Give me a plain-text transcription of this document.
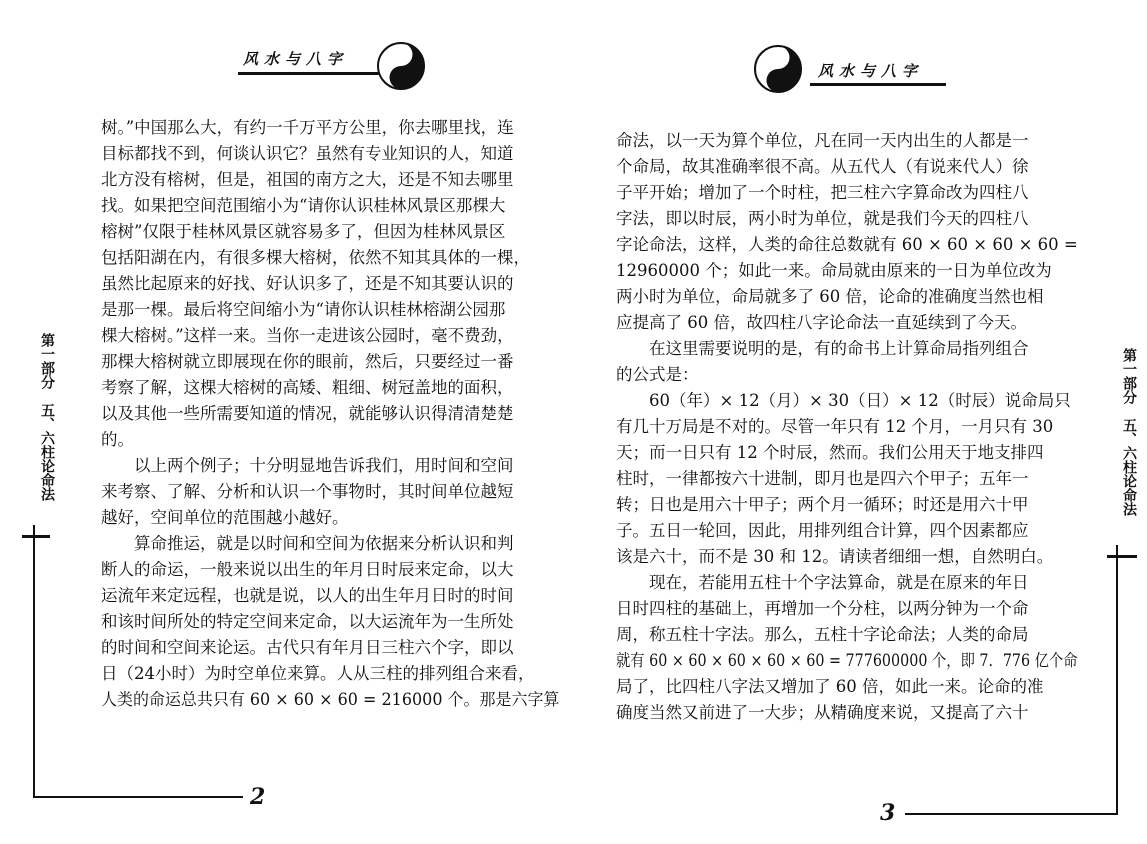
风水与八字

树。”中国那么大，有约一千万平方公里，你去哪里找，连

目标都找不到，何谈认识它？虽然有专业知识的人，知道

北方没有榕树，但是，祖国的南方之大，还是不知去哪里

找。如果把空间范围缩小为“请你认识桂林风景区那棵大

榕树”仅限于桂林风景区就容易多了，但因为桂林风景区

包括阳湖在内，有很多棵大榕树，依然不知其具体的一棵，

虽然比起原来的好找、好认识多了，还是不知其要认识的

是那一棵。最后将空间缩小为“请你认识桂林榕湖公园那

棵大榕树。”这样一来。当你一走进该公园时，毫不费劲，

那棵大榕树就立即展现在你的眼前，然后，只要经过一番

考察了解，这棵大榕树的高矮、粗细、树冠盖地的面积，

以及其他一些所需要知道的情况，就能够认识得清清楚楚

的。

以上两个例子；十分明显地告诉我们，用时间和空间

来考察、了解、分析和认识一个事物时，其时间单位越短

越好，空间单位的范围越小越好。

算命推运，就是以时间和空间为依据来分析认识和判

断人的命运，一般来说以出生的年月日时辰来定命，以大

运流年来定远程，也就是说，以人的出生年月日时的时间

和该时间所处的特定空间来定命，以大运流年为一生所处

的时间和空间来论运。古代只有年月日三柱六个字，即以

日（24小时）为时空单位来算。人从三柱的排列组合来看，

人类的命运总共只有 60 × 60 × 60 = 216000 个。那是六字算

第一部分　五、六柱论命法
2
风水与八字

命法，以一天为算个单位，凡在同一天内出生的人都是一

个命局，故其准确率很不高。从五代人（有说来代人）徐

子平开始；增加了一个时柱，把三柱六字算命改为四柱八

字法，即以时辰，两小时为单位，就是我们今天的四柱八

字论命法，这样，人类的命往总数就有 60 × 60 × 60 × 60 =

12960000 个；如此一来。命局就由原来的一日为单位改为

两小时为单位，命局就多了 60 倍，论命的准确度当然也相

应提高了 60 倍，故四柱八字论命法一直延续到了今天。

在这里需要说明的是，有的命书上计算命局指列组合

的公式是：

60（年）× 12（月）× 30（日）× 12（时辰）说命局只

有几十万局是不对的。尽管一年只有 12 个月，一月只有 30

天；而一日只有 12 个时辰，然而。我们公用天于地支排四

柱时，一律都按六十进制，即月也是四六个甲子；五年一

转；日也是用六十甲子；两个月一循环；时还是用六十甲

子。五日一轮回，因此，用排列组合计算，四个因素都应

该是六十，而不是 30 和 12。请读者细细一想，自然明白。

现在，若能用五柱十个字法算命，就是在原来的年日

日时四柱的基础上，再增加一个分柱，以两分钟为一个命

周，称五柱十字法。那么，五柱十字论命法；人类的命局

就有 60 × 60 × 60 × 60 × 60 = 777600000 个，即 7．776 亿个命

局了，比四柱八字法又增加了 60 倍，如此一来。论命的准

确度当然又前进了一大步；从精确度来说，又提高了六十

第一部分　五、六柱论命法
3
